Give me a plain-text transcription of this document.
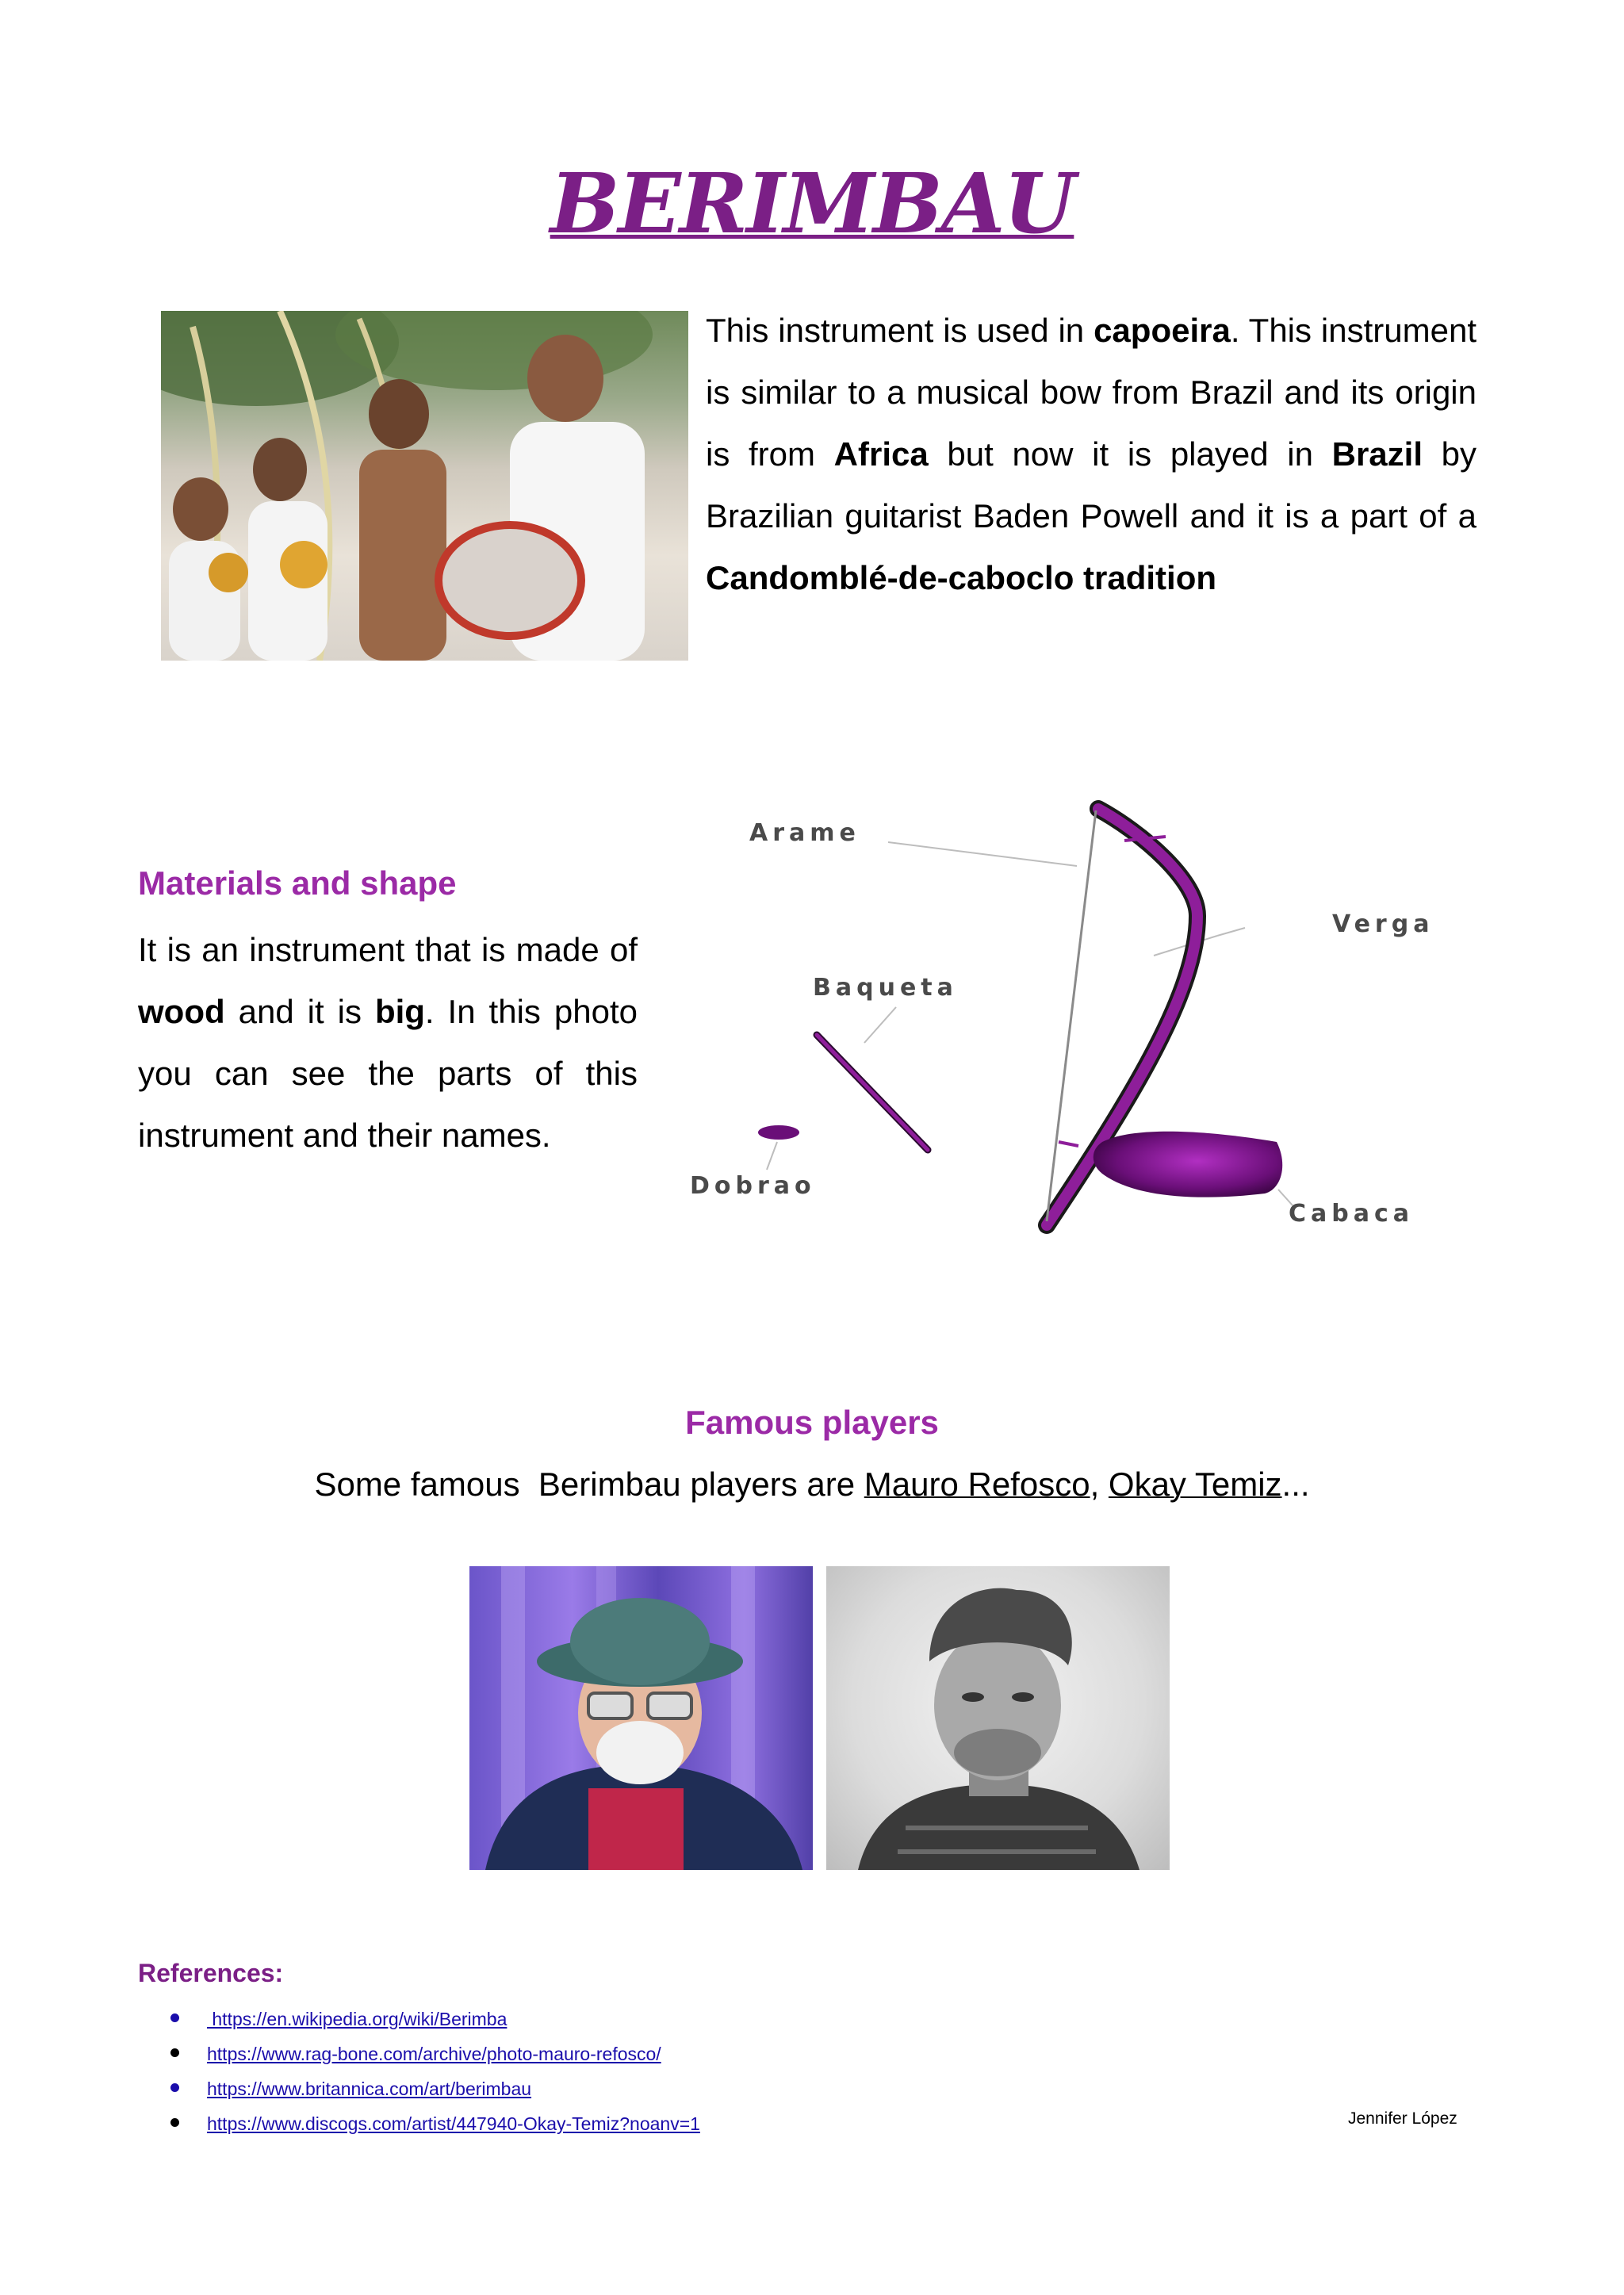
BERIMBAU

This instrument is used in capoeira. This instrument is similar to a musical bow from Brazil and its origin is from Africa but now it is played in Brazil by Brazilian guitarist Baden Powell and it is a part of a Candomblé-de-caboclo tradition

Materials and shape

It is an instrument that is made of wood and it is big. In this photo you can see the parts of this instrument and their names.

Arame
Verga
Baqueta
Dobrao
Cabaca
Famous players
Some famous  Berimbau players are Mauro Refosco, Okay Temiz...
References:
https://en.wikipedia.org/wiki/Berimba
https://www.rag-bone.com/archive/photo-mauro-refosco/
https://www.britannica.com/art/berimbau
https://www.discogs.com/artist/447940-Okay-Temiz?noanv=1	Jennifer López
